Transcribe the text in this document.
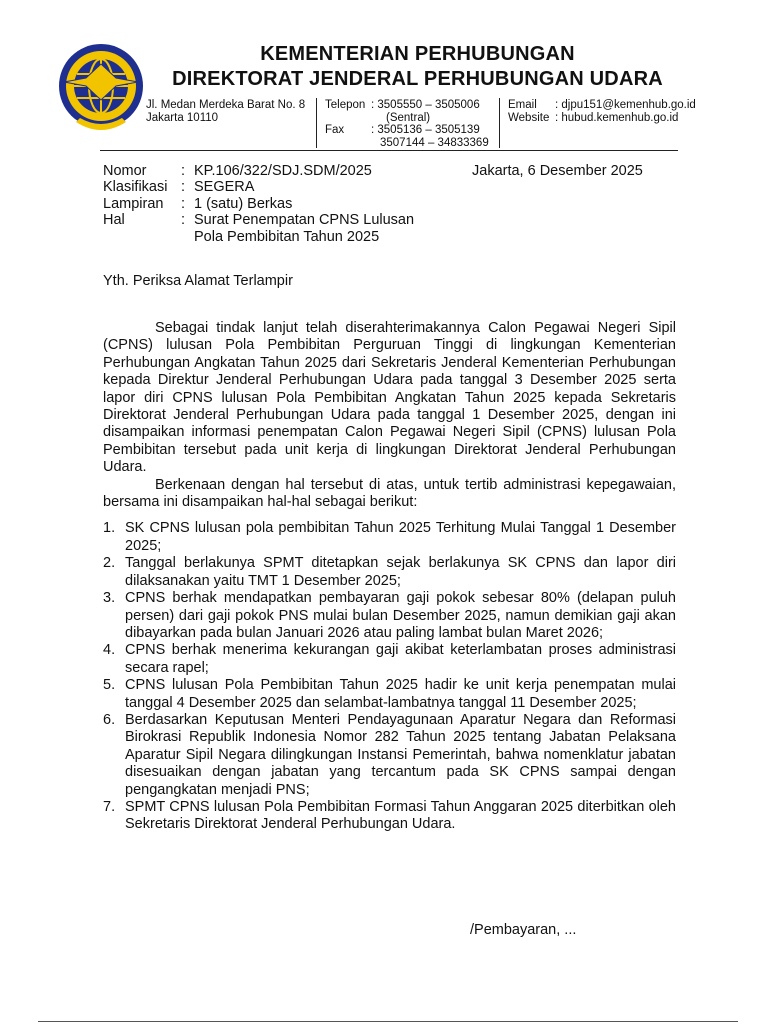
KEMENTERIAN PERHUBUNGAN
DIREKTORAT JENDERAL PERHUBUNGAN UDARA
Jl. Medan Merdeka Barat No. 8
Jakarta 10110
Telepon : 3505550 – 3505006
(Sentral)
Fax : 3505136 – 3505139
3507144 – 34833369
Email : djpu151@kemenhub.go.id
Website : hubud.kemenhub.go.id
Nomor : KP.106/322/SDJ.SDM/2025	Jakarta, 6 Desember 2025
Klasifikasi : SEGERA
Lampiran : 1 (satu) Berkas
Hal	: Surat Penempatan CPNS Lulusan
Pola Pembibitan Tahun 2025
Yth. Periksa Alamat Terlampir

Sebagai tindak lanjut telah diserahterimakannya Calon Pegawai Negeri Sipil (CPNS) lulusan Pola Pembibitan Perguruan Tinggi di lingkungan Kementerian Perhubungan Angkatan Tahun 2025 dari Sekretaris Jenderal Kementerian Perhubungan kepada Direktur Jenderal Perhubungan Udara pada tanggal 3 Desember 2025 serta lapor diri CPNS lulusan Pola Pembibitan Angkatan Tahun 2025 kepada Sekretaris Direktorat Jenderal Perhubungan Udara pada tanggal 1 Desember 2025, dengan ini disampaikan informasi penempatan Calon Pegawai Negeri Sipil (CPNS) lulusan Pola Pembibitan tersebut pada unit kerja di lingkungan Direktorat Jenderal Perhubungan Udara.

Berkenaan dengan hal tersebut di atas, untuk tertib administrasi kepegawaian, bersama ini disampaikan hal-hal sebagai berikut:

1. SK CPNS lulusan pola pembibitan Tahun 2025 Terhitung Mulai Tanggal 1 Desember 2025;
2. Tanggal berlakunya SPMT ditetapkan sejak berlakunya SK CPNS dan lapor diri dilaksanakan yaitu TMT 1 Desember 2025;
3. CPNS berhak mendapatkan pembayaran gaji pokok sebesar 80% (delapan puluh persen) dari gaji pokok PNS mulai bulan Desember 2025, namun demikian gaji akan dibayarkan pada bulan Januari 2026 atau paling lambat bulan Maret 2026;
4. CPNS berhak menerima kekurangan gaji akibat keterlambatan proses administrasi secara rapel;
5. CPNS lulusan Pola Pembibitan Tahun 2025 hadir ke unit kerja penempatan mulai tanggal 4 Desember 2025 dan selambat-lambatnya tanggal 11 Desember 2025;
6. Berdasarkan Keputusan Menteri Pendayagunaan Aparatur Negara dan Reformasi Birokrasi Republik Indonesia Nomor 282 Tahun 2025 tentang Jabatan Pelaksana Aparatur Sipil Negara dilingkungan Instansi Pemerintah, bahwa nomenklatur jabatan disesuaikan dengan jabatan yang tercantum pada SK CPNS sampai dengan pengangkatan menjadi PNS;
7. SPMT CPNS lulusan Pola Pembibitan Formasi Tahun Anggaran 2025 diterbitkan oleh Sekretaris Direktorat Jenderal Perhubungan Udara.
/Pembayaran, ...
